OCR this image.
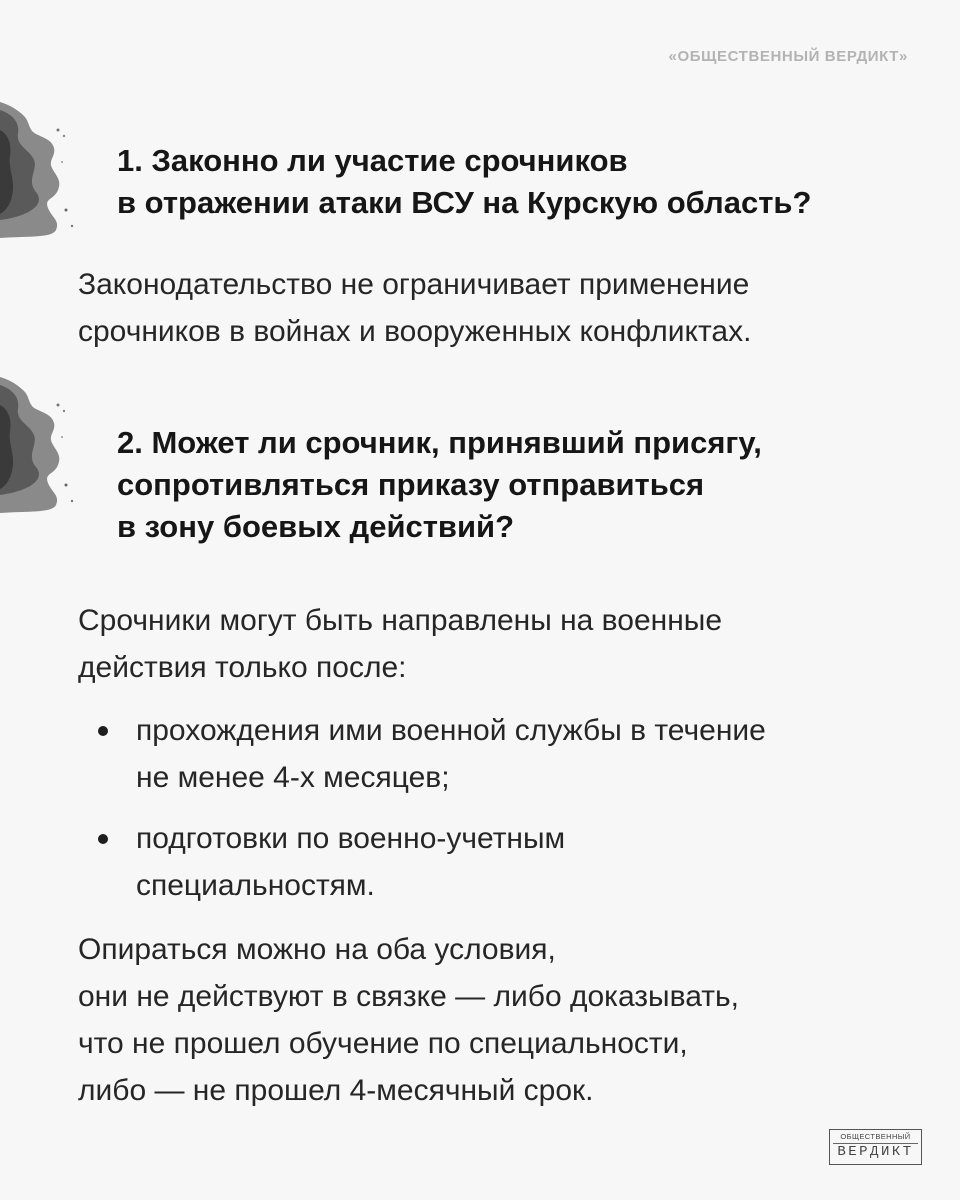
«ОБЩЕСТВЕННЫЙ ВЕРДИКТ»
1. Законно ли участие срочников
в отражении атаки ВСУ на Курскую область?

Законодательство не ограничивает применение
срочников в войнах и вооруженных конфликтах.

2. Может ли срочник, принявший присягу,
сопротивляться приказу отправиться
в зону боевых действий?

Срочники могут быть направлены на военные
действия только после:

прохождения ими военной службы в течение
не менее 4-х месяцев;
подготовки по военно-учетным
специальностям.

Опираться можно на оба условия,
они не действуют в связке — либо доказывать,
что не прошел обучение по специальности,
либо — не прошел 4-месячный срок.

ОБЩЕСТВЕННЫЙ
ВЕРДИКТ
